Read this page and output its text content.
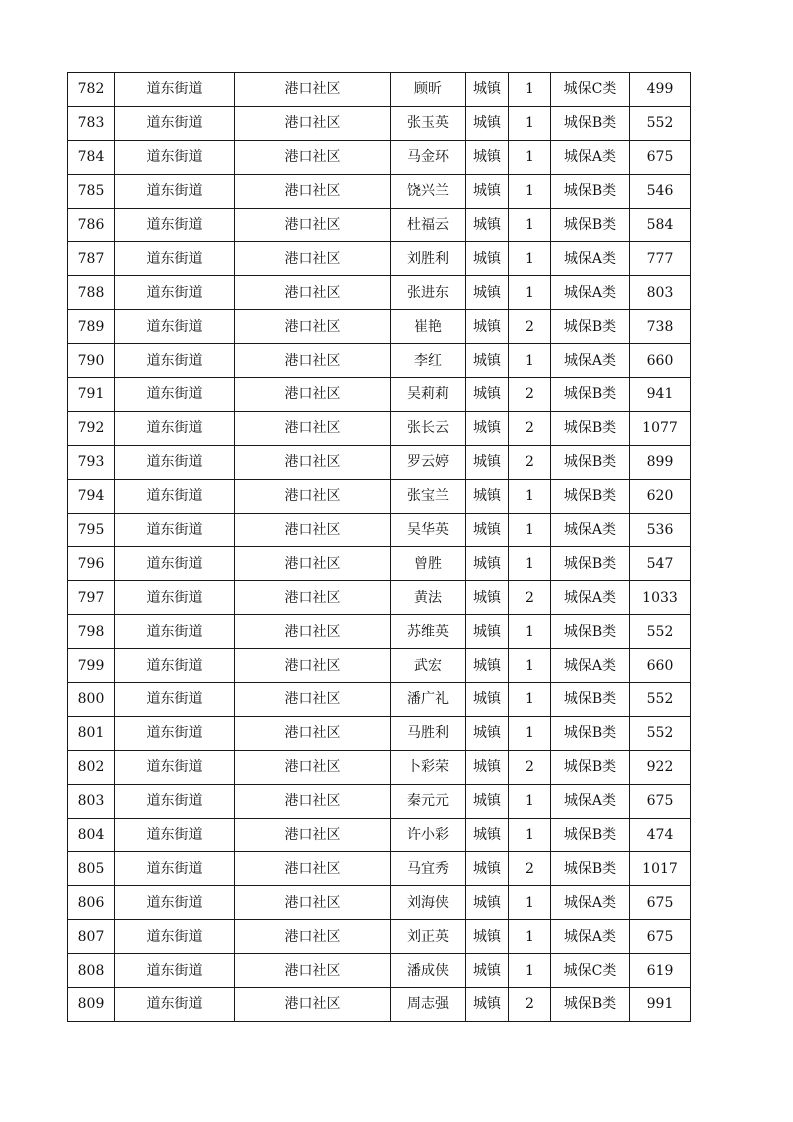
782	道东街道	港口社区	顾昕	城镇	1	城保C类	499
783	道东街道	港口社区	张玉英	城镇	1	城保B类	552
784	道东街道	港口社区	马金环	城镇	1	城保A类	675
785	道东街道	港口社区	饶兴兰	城镇	1	城保B类	546
786	道东街道	港口社区	杜福云	城镇	1	城保B类	584
787	道东街道	港口社区	刘胜利	城镇	1	城保A类	777
788	道东街道	港口社区	张进东	城镇	1	城保A类	803
789	道东街道	港口社区	崔艳	城镇	2	城保B类	738
790	道东街道	港口社区	李红	城镇	1	城保A类	660
791	道东街道	港口社区	吴莉莉	城镇	2	城保B类	941
792	道东街道	港口社区	张长云	城镇	2	城保B类	1077
793	道东街道	港口社区	罗云婷	城镇	2	城保B类	899
794	道东街道	港口社区	张宝兰	城镇	1	城保B类	620
795	道东街道	港口社区	吴华英	城镇	1	城保A类	536
796	道东街道	港口社区	曾胜	城镇	1	城保B类	547
797	道东街道	港口社区	黄法	城镇	2	城保A类	1033
798	道东街道	港口社区	苏维英	城镇	1	城保B类	552
799	道东街道	港口社区	武宏	城镇	1	城保A类	660
800	道东街道	港口社区	潘广礼	城镇	1	城保B类	552
801	道东街道	港口社区	马胜利	城镇	1	城保B类	552
802	道东街道	港口社区	卜彩荣	城镇	2	城保B类	922
803	道东街道	港口社区	秦元元	城镇	1	城保A类	675
804	道东街道	港口社区	许小彩	城镇	1	城保B类	474
805	道东街道	港口社区	马宜秀	城镇	2	城保B类	1017
806	道东街道	港口社区	刘海侠	城镇	1	城保A类	675
807	道东街道	港口社区	刘正英	城镇	1	城保A类	675
808	道东街道	港口社区	潘成侠	城镇	1	城保C类	619
809	道东街道	港口社区	周志强	城镇	2	城保B类	991
